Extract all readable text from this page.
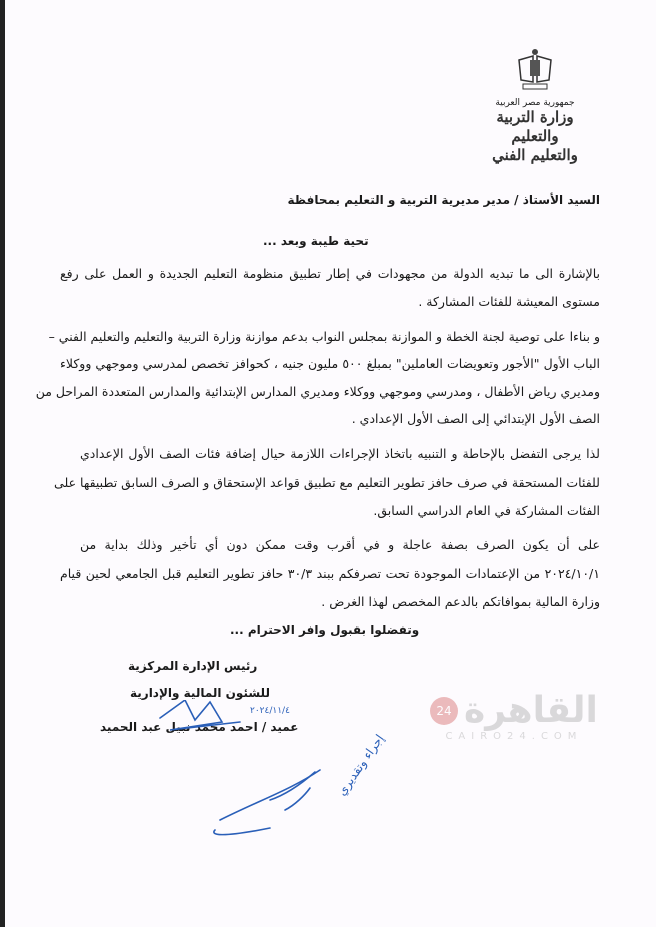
جمهورية مصر العربية
وزارة التربية والتعليم
والتعليم الفني
السيد الأستاذ / مدير مديرية التربية و التعليم بمحافظة
تحية طيبة وبعد ...
بالإشارة الى ما تبديه الدولة من مجهودات في إطار تطبيق منظومة التعليم الجديدة و العمل على رفع
مستوى المعيشة للفئات المشاركة .
و بناءا على توصية لجنة الخطة و الموازنة بمجلس النواب بدعم موازنة وزارة التربية والتعليم والتعليم الفني –
الباب الأول "الأجور وتعويضات العاملين" بمبلغ ٥٠٠ مليون جنيه ، كحوافز تخصص لمدرسي وموجهي ووكلاء
ومديري رياض الأطفال ، ومدرسي وموجهي ووكلاء ومديري المدارس الإبتدائية والمدارس المتعددة المراحل من
الصف الأول الإبتدائي إلى الصف الأول الإعدادي .
لذا يرجى التفضل بالإحاطة و التنبيه باتخاذ الإجراءات اللازمة حيال إضافة فئات الصف الأول الإعدادي
للفئات المستحقة في صرف حافز تطوير التعليم مع تطبيق قواعد الإستحقاق و الصرف السابق تطبيقها على
الفئات المشاركة في العام الدراسي السابق.
على أن يكون الصرف بصفة عاجلة و في أقرب وقت ممكن دون أي تأخير وذلك بداية من
٢٠٢٤/١٠/١ من الإعتمادات الموجودة تحت تصرفكم ببند ٣٠/٣ حافز تطوير التعليم قبل الجامعي لحين قيام
وزارة المالية بموافاتكم بالدعم المخصص لهذا الغرض .
وتفضلوا بقبول وافر الاحترام ...
24 القاهرة
CAIRO24.COM
رئيس الإدارة المركزية
للشئون المالية والإدارية
عميد / احمد محمد نبيل عبد الحميد
٢٠٢٤/١١/٤
إجراء وتقديري
